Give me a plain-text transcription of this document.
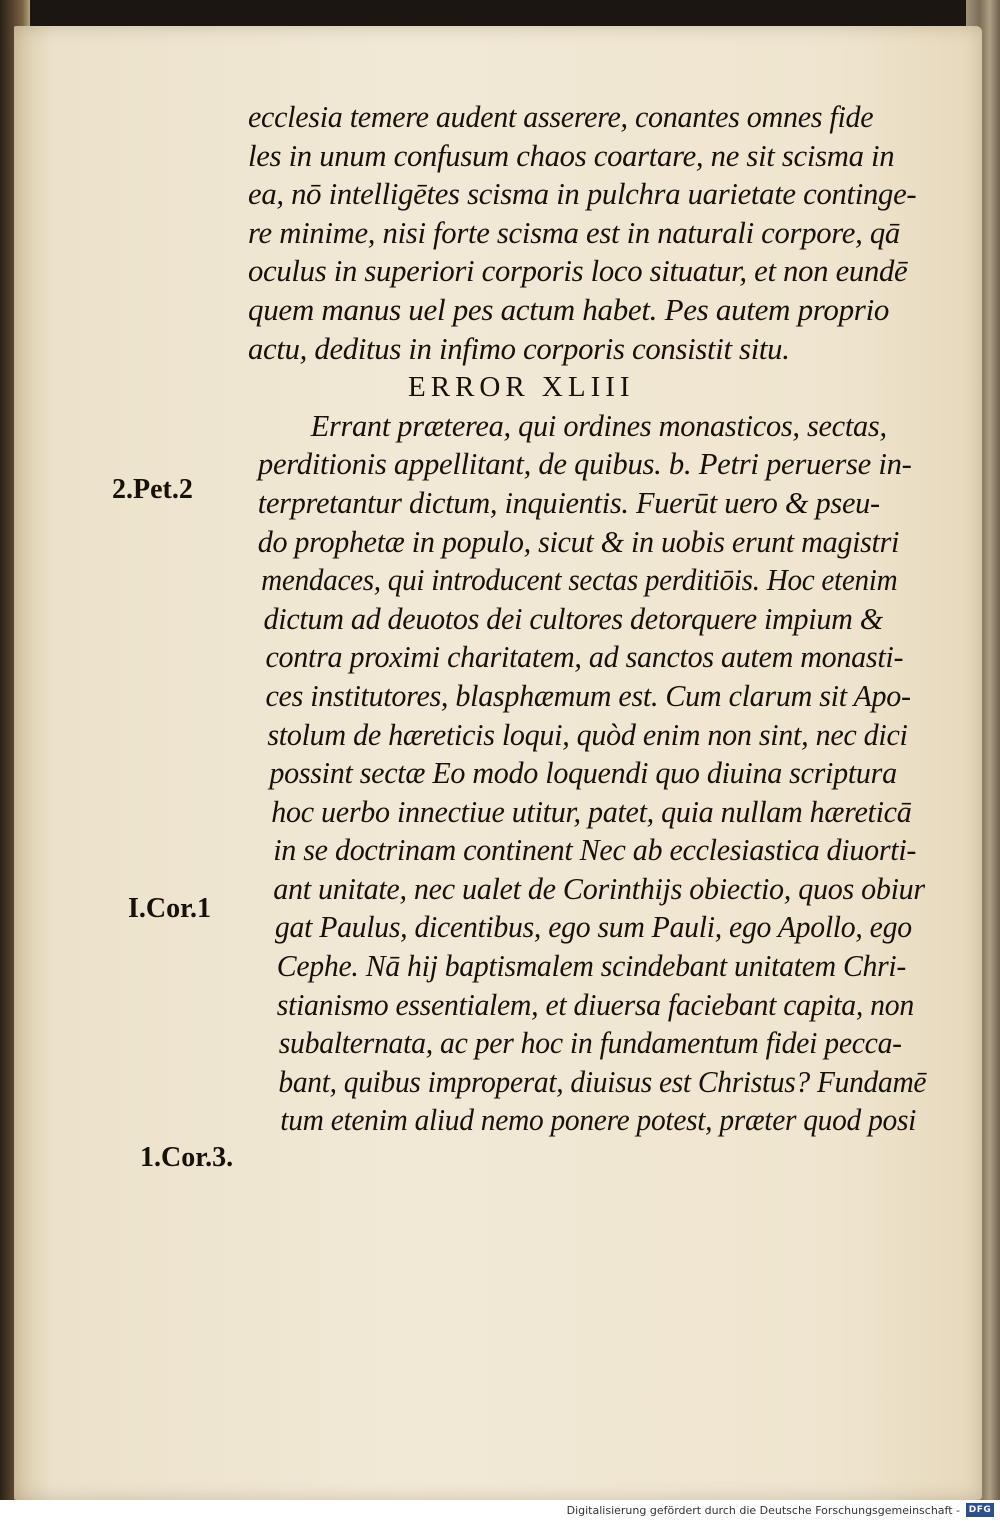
ecclesia temere audent asserere, conantes omnes fide
les in unum confusum chaos coartare, ne sit scisma in
ea, nō intelligētes scisma in pulchra uarietate continge-
re minime, nisi forte scisma est in naturali corpore, qā
oculus in superiori corporis loco situatur, et non eundē
quem manus uel pes actum habet. Pes autem proprio
actu, deditus in infimo corporis consistit situ.
ERROR XLIII
Errant præterea, qui ordines monasticos, sectas,
perditionis appellitant, de quibus. b. Petri peruerse in-
terpretantur dictum, inquientis. Fuerūt uero & pseu-
do prophetæ in populo, sicut & in uobis erunt magistri
mendaces, qui introducent sectas perditiōis. Hoc etenim
dictum ad deuotos dei cultores detorquere impium &
contra proximi charitatem, ad sanctos autem monasti-
ces institutores, blasphæmum est. Cum clarum sit Apo-
stolum de hæreticis loqui, quòd enim non sint, nec dici
possint sectæ Eo modo loquendi quo diuina scriptura
hoc uerbo innectiue utitur, patet, quia nullam hæreticā
in se doctrinam continent Nec ab ecclesiastica diuorti-
ant unitate, nec ualet de Corinthijs obiectio, quos obiur
gat Paulus, dicentibus, ego sum Pauli, ego Apollo, ego
Cephe. Nā hij baptismalem scindebant unitatem Chri-
stianismo essentialem, et diuersa faciebant capita, non
subalternata, ac per hoc in fundamentum fidei pecca-
bant, quibus improperat, diuisus est Christus? Fundamē
tum etenim aliud nemo ponere potest, præter quod posi
2.Pet.2
I.Cor.1
1.Cor.3.
Digitalisierung gefördert durch die Deutsche Forschungsgemeinschaft - DFG
